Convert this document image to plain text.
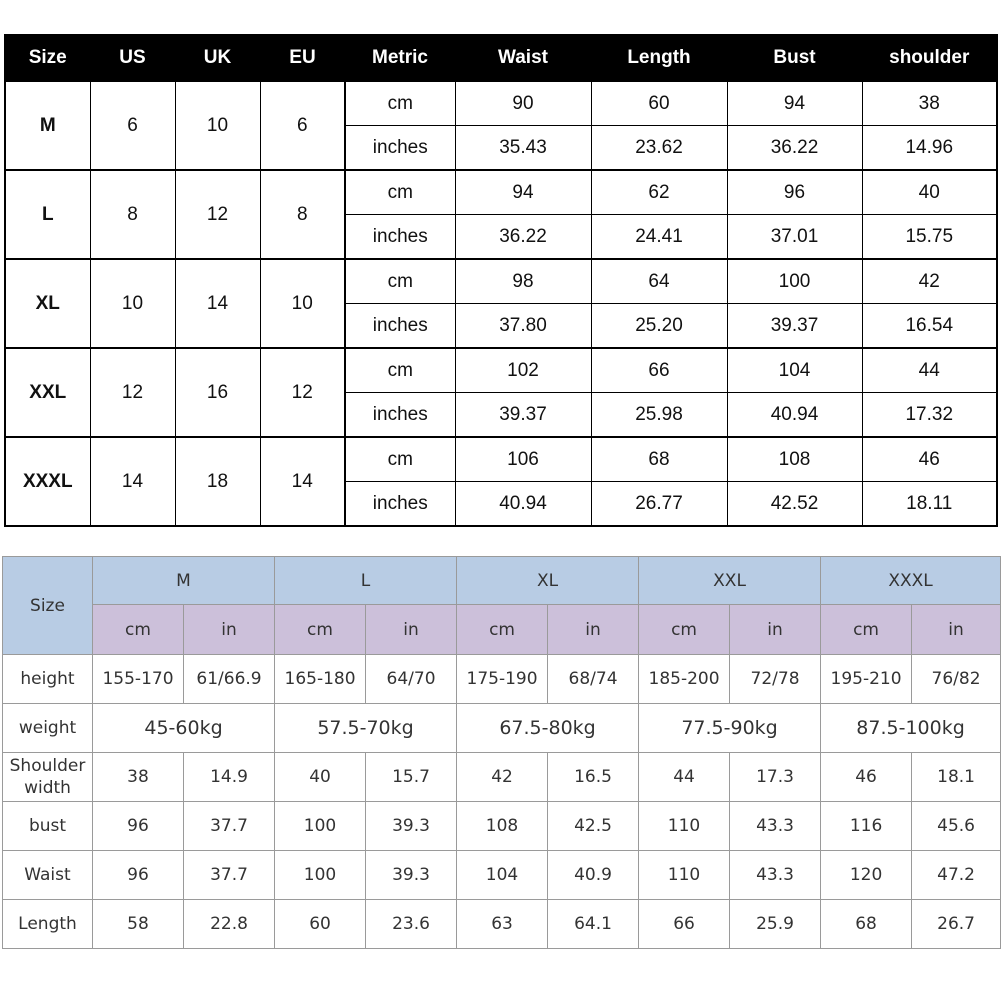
Size	US	UK	EU	Metric	Waist	Length	Bust	shoulder
M	6	10	6	cm	90	60	94	38
				inches	35.43	23.62	36.22	14.96
L	8	12	8	cm	94	62	96	40
				inches	36.22	24.41	37.01	15.75
XL	10	14	10	cm	98	64	100	42
				inches	37.80	25.20	39.37	16.54
XXL	12	16	12	cm	102	66	104	44
				inches	39.37	25.98	40.94	17.32
XXXL	14	18	14	cm	106	68	108	46
				inches	40.94	26.77	42.52	18.11
Size	M		L		XL		XXL		XXXL	
	cm	in	cm	in	cm	in	cm	in	cm	in
height	155-170	61/66.9	165-180	64/70	175-190	68/74	185-200	72/78	195-210	76/82
weight	45-60kg		57.5-70kg		67.5-80kg		77.5-90kg		87.5-100kg	
Shoulder
width	38	14.9	40	15.7	42	16.5	44	17.3	46	18.1
bust	96	37.7	100	39.3	108	42.5	110	43.3	116	45.6
Waist	96	37.7	100	39.3	104	40.9	110	43.3	120	47.2
Length	58	22.8	60	23.6	63	64.1	66	25.9	68	26.7
